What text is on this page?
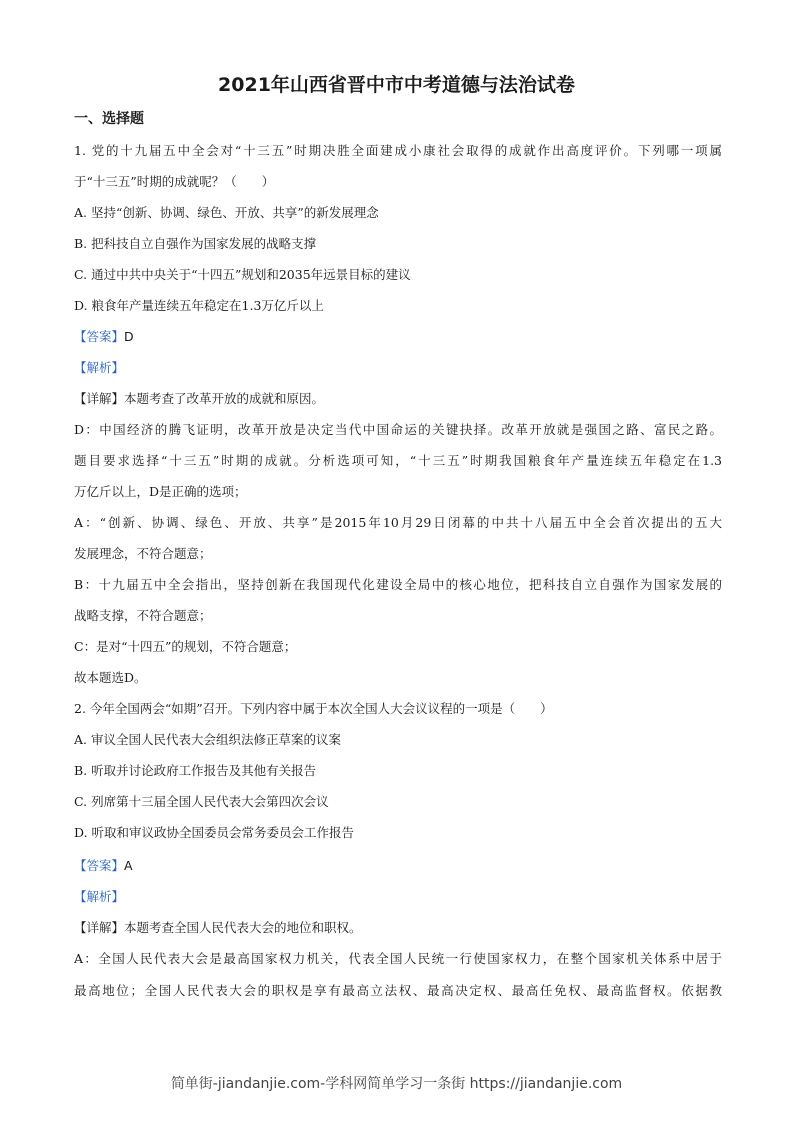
2021年山西省晋中市中考道德与法治试卷
一、选择题
1. 党的十九届五中全会对“十三五”时期决胜全面建成小康社会取得的成就作出高度评价。下列哪一项属
于“十三五”时期的成就呢？（　　）
A. 坚持“创新、协调、绿色、开放、共享”的新发展理念
B. 把科技自立自强作为国家发展的战略支撑
C. 通过中共中央关于“十四五”规划和2035年远景目标的建议
D. 粮食年产量连续五年稳定在1.3万亿斤以上
【答案】D
【解析】
【详解】本题考查了改革开放的成就和原因。
D：中国经济的腾飞证明，改革开放是决定当代中国命运的关键抉择。改革开放就是强国之路、富民之路。
题目要求选择“十三五”时期的成就。分析选项可知，“十三五”时期我国粮食年产量连续五年稳定在1.3
万亿斤以上，D是正确的选项；
A：“创新、协调、绿色、开放、共享”是2015年10月29日闭幕的中共十八届五中全会首次提出的五大
发展理念，不符合题意；
B：十九届五中全会指出，坚持创新在我国现代化建设全局中的核心地位，把科技自立自强作为国家发展的
战略支撑，不符合题意；
C：是对“十四五”的规划，不符合题意；
故本题选D。
2. 今年全国两会“如期”召开。下列内容中属于本次全国人大会议议程的一项是（　　）
A. 审议全国人民代表大会组织法修正草案的议案
B. 听取并讨论政府工作报告及其他有关报告
C. 列席第十三届全国人民代表大会第四次会议
D. 听取和审议政协全国委员会常务委员会工作报告
【答案】A
【解析】
【详解】本题考查全国人民代表大会的地位和职权。
A：全国人民代表大会是最高国家权力机关，代表全国人民统一行使国家权力，在整个国家机关体系中居于
最高地位；全国人民代表大会的职权是享有最高立法权、最高决定权、最高任免权、最高监督权。依据教
简单街-jiandanjie.com-学科网简单学习一条街 https://jiandanjie.com
